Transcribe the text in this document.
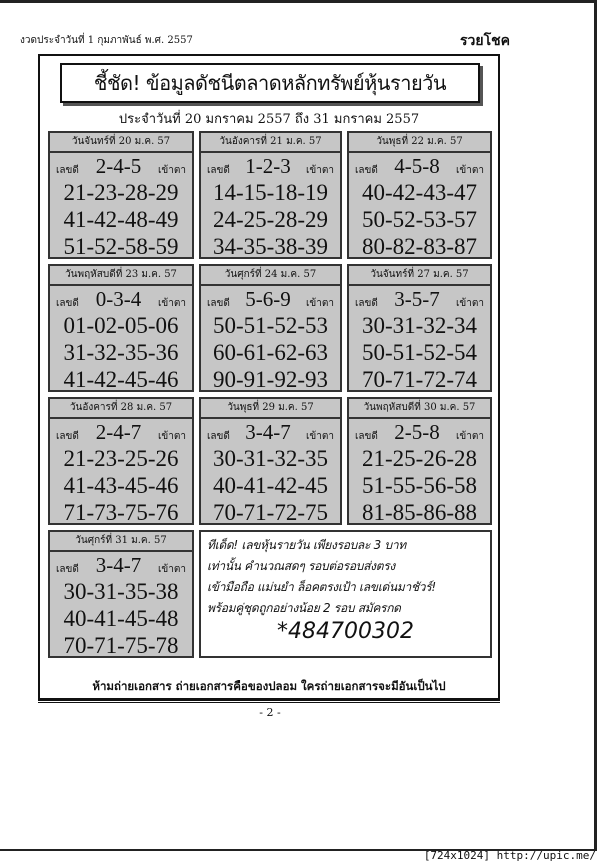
งวดประจำวันที่ 1 กุมภาพันธ์ พ.ศ. 2557	รวยโชค
ชี้ชัด! ข้อมูลดัชนีตลาดหลักทรัพย์หุ้นรายวัน
ประจำวันที่ 20 มกราคม 2557 ถึง 31 มกราคม 2557
วันจันทร์ที่ 20 ม.ค. 57
เลขดี 2-4-5 เข้าตา
21-23-28-29
41-42-48-49
51-52-58-59
วันอังคารที่ 21 ม.ค. 57
เลขดี 1-2-3 เข้าตา
14-15-18-19
24-25-28-29
34-35-38-39
วันพุธที่ 22 ม.ค. 57
เลขดี 4-5-8 เข้าตา
40-42-43-47
50-52-53-57
80-82-83-87
วันพฤหัสบดีที่ 23 ม.ค. 57
เลขดี 0-3-4 เข้าตา
01-02-05-06
31-32-35-36
41-42-45-46
วันศุกร์ที่ 24 ม.ค. 57
เลขดี 5-6-9 เข้าตา
50-51-52-53
60-61-62-63
90-91-92-93
วันจันทร์ที่ 27 ม.ค. 57
เลขดี 3-5-7 เข้าตา
30-31-32-34
50-51-52-54
70-71-72-74
วันอังคารที่ 28 ม.ค. 57
เลขดี 2-4-7 เข้าตา
21-23-25-26
41-43-45-46
71-73-75-76
วันพุธที่ 29 ม.ค. 57
เลขดี 3-4-7 เข้าตา
30-31-32-35
40-41-42-45
70-71-72-75
วันพฤหัสบดีที่ 30 ม.ค. 57
เลขดี 2-5-8 เข้าตา
21-25-26-28
51-55-56-58
81-85-86-88
วันศุกร์ที่ 31 ม.ค. 57
เลขดี 3-4-7 เข้าตา
30-31-35-38
40-41-45-48
70-71-75-78
ทีเด็ด! เลขหุ้นรายวัน เพียงรอบละ 3 บาท
เท่านั้น คำนวณสดๆ รอบต่อรอบส่งตรง
เข้ามือถือ แม่นยำ ล็อคตรงเป้า เลขเด่นมาชัวร์!
พร้อมคู่ชุดถูกอย่างน้อย 2 รอบ สมัครกด
*484700302
ห้ามถ่ายเอกสาร ถ่ายเอกสารคือของปลอม ใครถ่ายเอกสารจะมีอันเป็นไป
- 2 -
[724x1024] http://upic.me/
